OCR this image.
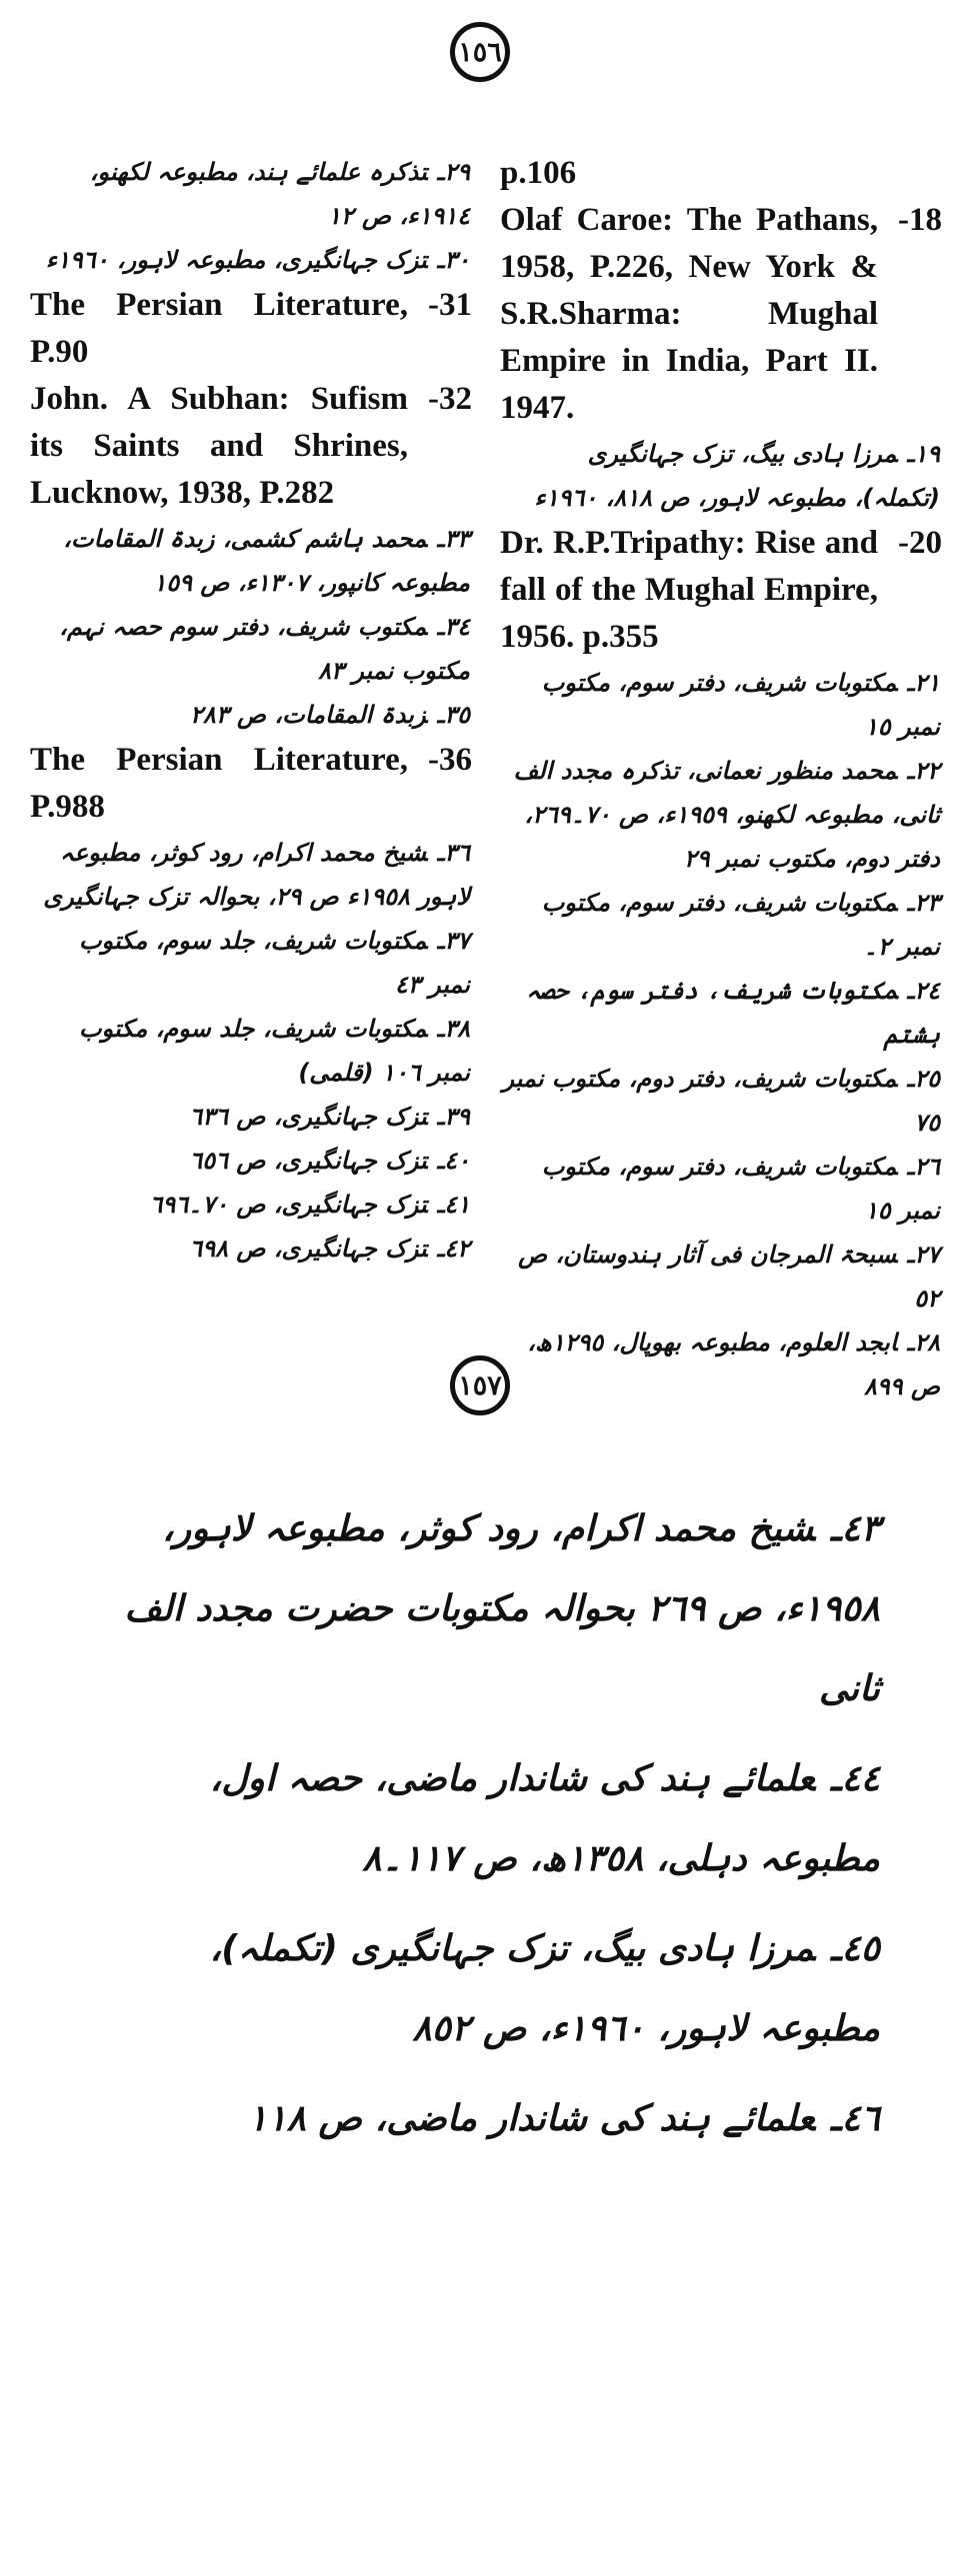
١٥٦

p.106

-18
Olaf Caroe: The Pathans, 1958, P.226, New York & S.R.Sharma: Mughal Empire in India, Part II. 1947.

١٩ـمرزا ہادی بیگ، تزک جہانگیری (تکملہ)، مطبوعہ لاہور، ص ٨١٨، ١٩٦٠ء

-20
Dr. R.P.Tripathy: Rise and fall of the Mughal Empire, 1956. p.355

٢١ـمکتوبات شریف، دفتر سوم، مکتوب نمبر ١٥

٢٢ـمحمد منظور نعمانی، تذکرہ مجدد الف ثانی، مطبوعہ لکھنو، ١٩٥٩ء، ص ٧٠۔٢٦٩، دفتر دوم، مکتوب نمبر ٢٩

٢٣ـمکتوبات شریف، دفتر سوم، مکتوب نمبر ٢۔

٢٤ـمکتوبات شریف، دفتر سوم، حصہ ہشتم

٢٥ـمکتوبات شریف، دفتر دوم، مکتوب نمبر ٧٥

٢٦ـمکتوبات شریف، دفتر سوم، مکتوب نمبر ١٥

٢٧ـسبحۃ المرجان فی آثار ہندوستان، ص ٥٢

٢٨ـابجد العلوم، مطبوعہ بھوپال، ١٢٩٥ھ، ص ٨٩٩

٢٩ـتذکرہ علمائے ہند، مطبوعہ لکھنو، ١٩١٤ء، ص ١٢

٣٠ـتزک جہانگیری، مطبوعہ لاہور، ١٩٦٠ء

-31
The Persian Literature, P.90

-32
John. A Subhan: Sufism its Saints and Shrines, Lucknow, 1938, P.282

٣٣ـمحمد ہاشم کشمی، زبدۃ المقامات، مطبوعہ کانپور، ١٣٠٧ء، ص ١٥٩

٣٤ـمکتوب شریف، دفتر سوم حصہ نہم، مکتوب نمبر ٨٣

٣٥ـزبدۃ المقامات، ص ٢٨٣

-36
The Persian Literature, P.988

٣٦ـشیخ محمد اکرام، رود کوثر، مطبوعہ لاہور ١٩٥٨ء ص ٢٩، بحوالہ تزک جہانگیری

٣٧ـمکتوبات شریف، جلد سوم، مکتوب نمبر ٤٣

٣٨ـمکتوبات شریف، جلد سوم، مکتوب نمبر ١٠٦ (قلمی)

٣٩ـتزک جہانگیری، ص ٦٣٦

٤٠ـتزک جہانگیری، ص ٦٥٦

٤١ـتزک جہانگیری، ص ٧٠۔٦٩٦

٤٢ـتزک جہانگیری، ص ٦٩٨

١٥٧

٤٣ـشیخ محمد اکرام، رود کوثر، مطبوعہ لاہور، ١٩٥٨ء، ص ٢٦٩ بحوالہ مکتوبات حضرت مجدد الف ثانی

٤٤ـعلمائے ہند کی شاندار ماضی، حصہ اول، مطبوعہ دہلی، ١٣٥٨ھ، ص ١١٧۔٨

٤٥ـمرزا ہادی بیگ، تزک جہانگیری (تکملہ)، مطبوعہ لاہور، ١٩٦٠ء، ص ٨٥٢

٤٦ـعلمائے ہند کی شاندار ماضی، ص ١١٨
